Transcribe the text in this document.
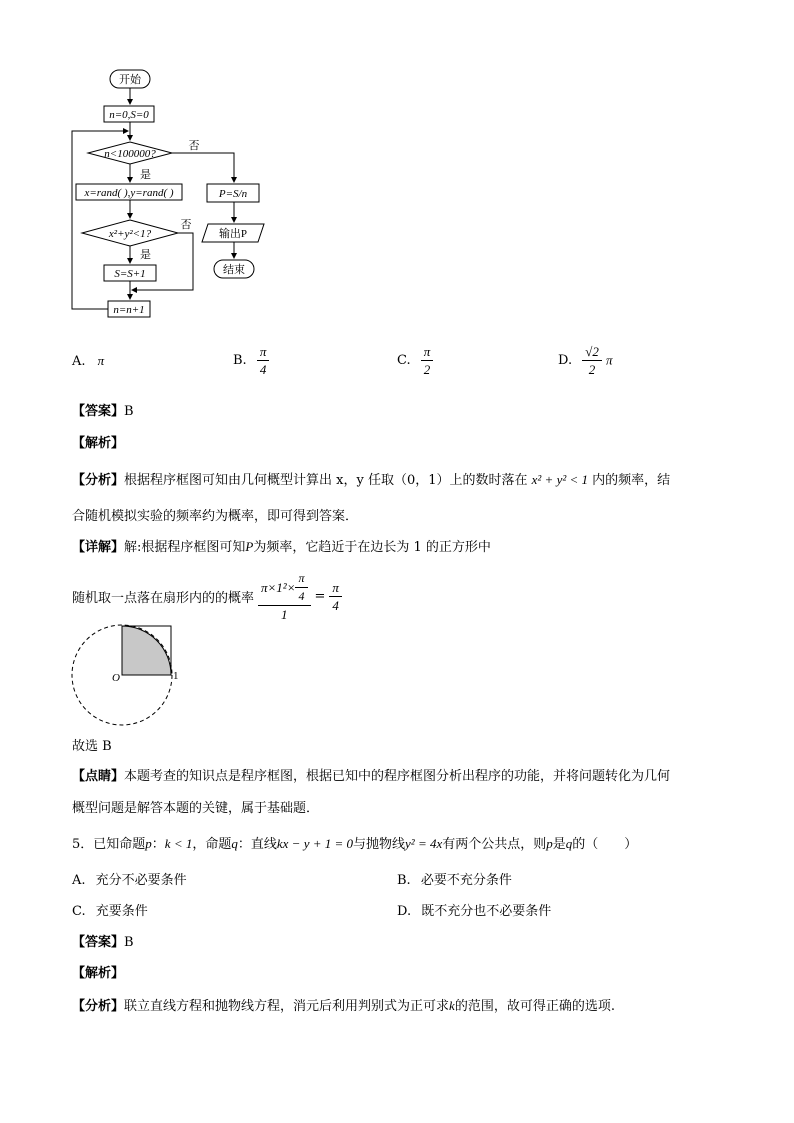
开始
n=0,S=0
n<100000?
否
是
x=rand( ),y=rand( )
x²+y²<1?
否
是
S=S+1
n=n+1
P=S/n
输出P
结束
A. π	B. $\frac{\pi}{4}$	C. $\frac{\pi}{2}$	D. $\frac{√2}{2}$ π
【答案】B
【解析】
【分析】根据程序框图可知由几何概型计算出 x，y 任取（0，1）上的数时落在 x² + y² < 1 内的频率，结
合随机模拟实验的频率约为概率，即可得到答案．
【详解】解:根据程序框图可知P为频率，它趋近于在边长为 1 的正方形中
随机取一点落在扇形内的的概率 $\frac{\pi\times 1^2\times \frac{\pi}{4}}{1} = \frac{\pi}{4}$
O	1
故选 B
【点睛】本题考查的知识点是程序框图，根据已知中的程序框图分析出程序的功能，并将问题转化为几何
概型问题是解答本题的关键，属于基础题．
5．已知命题p：k < 1，命题q：直线kx − y + 1 = 0与抛物线y² = 4x有两个公共点，则p是q的（　　）
A. 充分不必要条件	B. 必要不充分条件
C. 充要条件	D. 既不充分也不必要条件
【答案】B
【解析】
【分析】联立直线方程和抛物线方程，消元后利用判别式为正可求k的范围，故可得正确的选项.
